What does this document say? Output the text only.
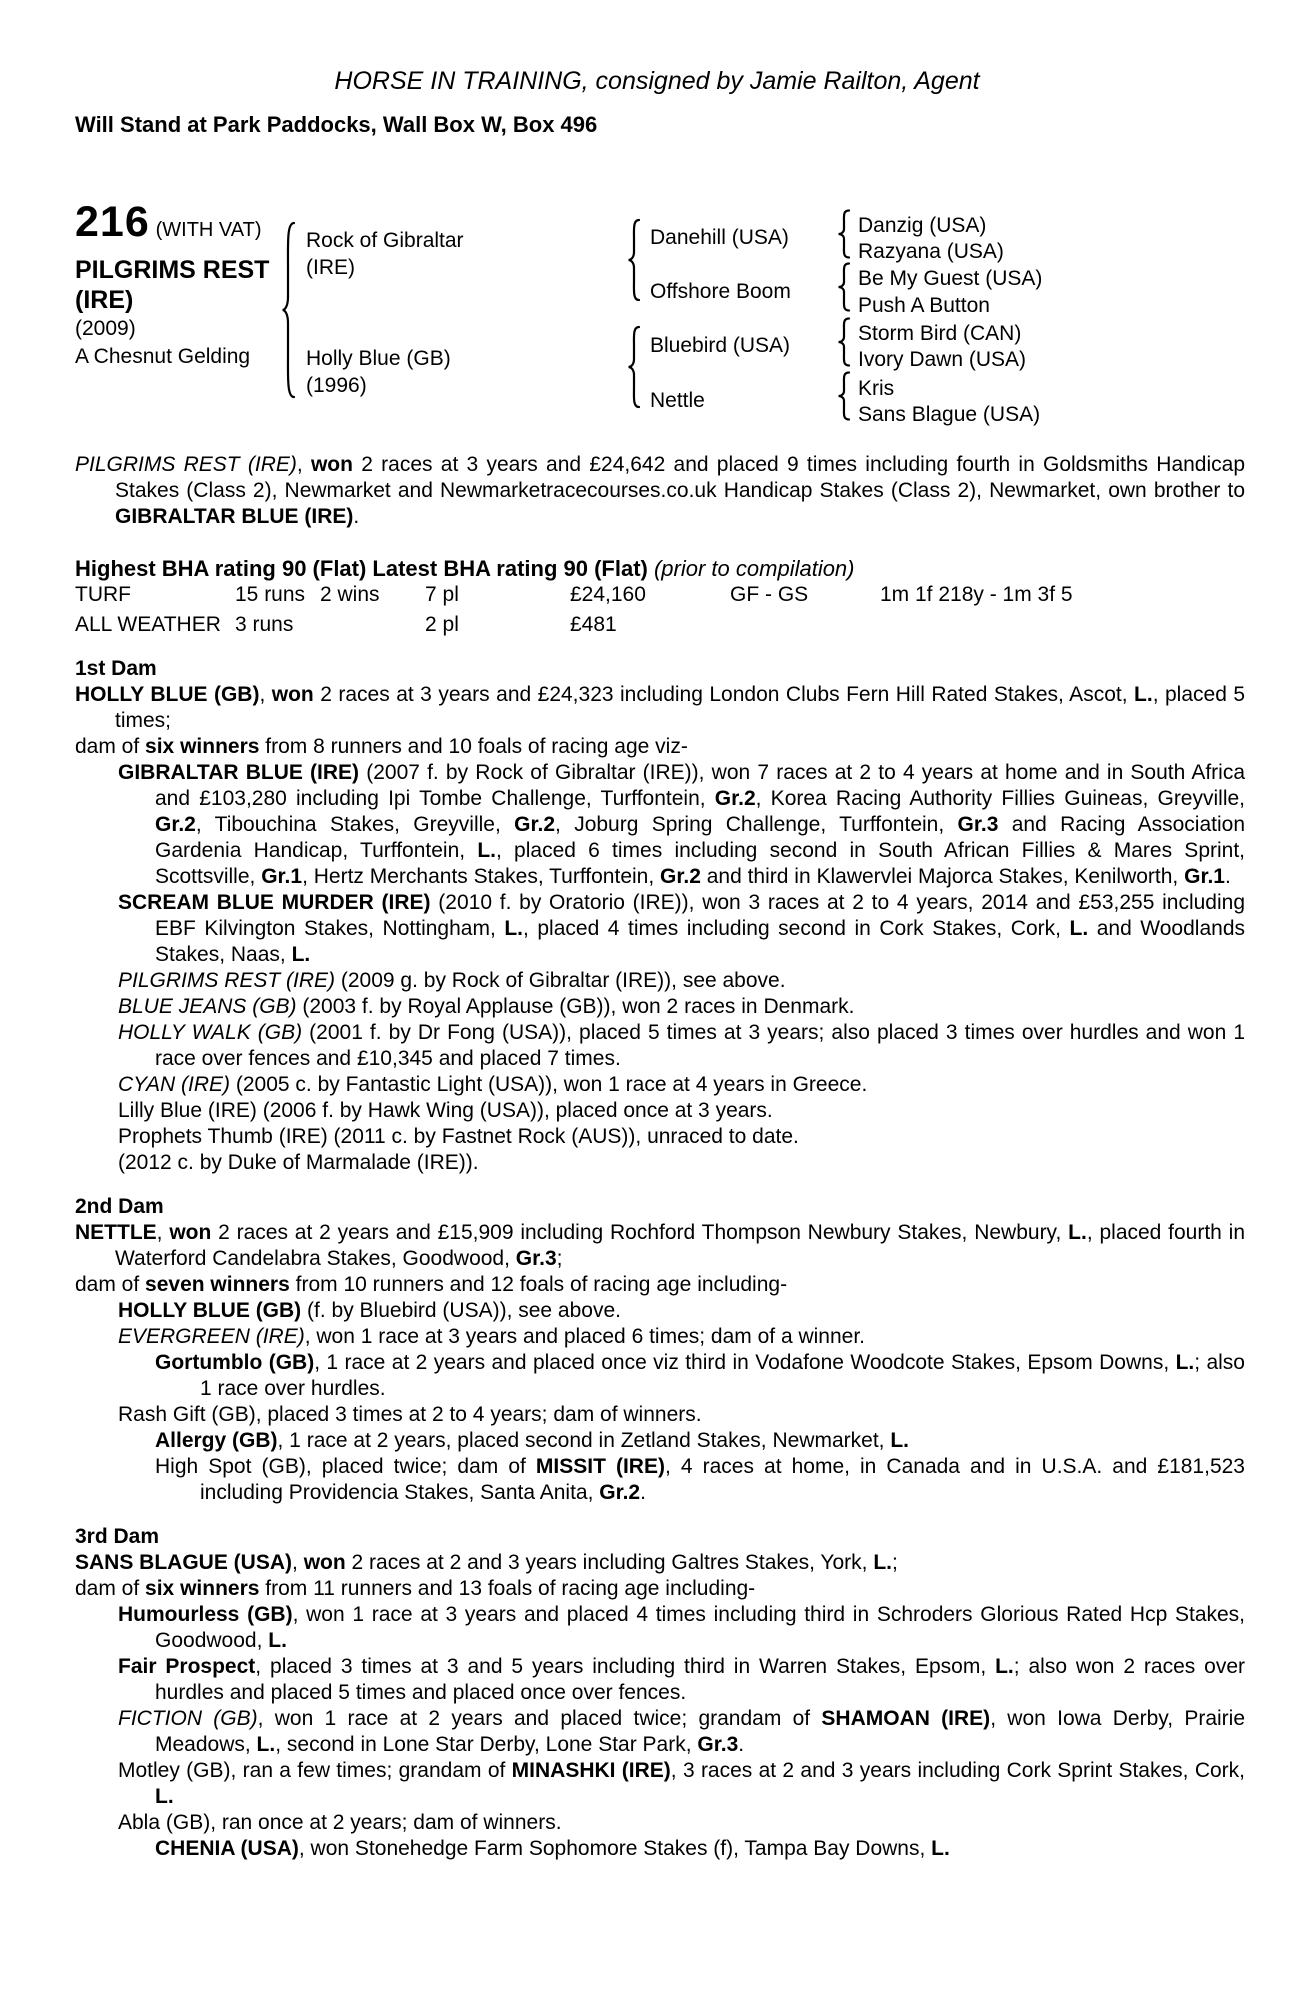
HORSE IN TRAINING, consigned by Jamie Railton, Agent
Will Stand at Park Paddocks, Wall Box W, Box 496
216 (WITH VAT)
PILGRIMS REST
(IRE)
(2009)
A Chesnut Gelding
Rock of Gibraltar
(IRE)
Holly Blue (GB)
(1996)
Danehill (USA)
Offshore Boom
Bluebird (USA)
Nettle
Danzig (USA)
Razyana (USA)
Be My Guest (USA)
Push A Button
Storm Bird (CAN)
Ivory Dawn (USA)
Kris
Sans Blague (USA)

PILGRIMS REST (IRE), won 2 races at 3 years and £24,642 and placed 9 times including fourth in Goldsmiths Handicap Stakes (Class 2), Newmarket and Newmarketracecourses.co.uk Handicap Stakes (Class 2), Newmarket, own brother to GIBRALTAR BLUE (IRE).

Highest BHA rating 90 (Flat) Latest BHA rating 90 (Flat) (prior to compilation)

TURF	15 runs 2 wins 7 pl	£24,160	GF - GS	1m 1f 218y - 1m 3f 5
ALL WEATHER 3 runs	2 pl	£481

1st Dam

HOLLY BLUE (GB), won 2 races at 3 years and £24,323 including London Clubs Fern Hill Rated Stakes, Ascot, L., placed 5 times;

dam of six winners from 8 runners and 10 foals of racing age viz-

GIBRALTAR BLUE (IRE) (2007 f. by Rock of Gibraltar (IRE)), won 7 races at 2 to 4 years at home and in South Africa and £103,280 including Ipi Tombe Challenge, Turffontein, Gr.2, Korea Racing Authority Fillies Guineas, Greyville, Gr.2, Tibouchina Stakes, Greyville, Gr.2, Joburg Spring Challenge, Turffontein, Gr.3 and Racing Association Gardenia Handicap, Turffontein, L., placed 6 times including second in South African Fillies & Mares Sprint, Scottsville, Gr.1, Hertz Merchants Stakes, Turffontein, Gr.2 and third in Klawervlei Majorca Stakes, Kenilworth, Gr.1.

SCREAM BLUE MURDER (IRE) (2010 f. by Oratorio (IRE)), won 3 races at 2 to 4 years, 2014 and £53,255 including EBF Kilvington Stakes, Nottingham, L., placed 4 times including second in Cork Stakes, Cork, L. and Woodlands Stakes, Naas, L.

PILGRIMS REST (IRE) (2009 g. by Rock of Gibraltar (IRE)), see above.

BLUE JEANS (GB) (2003 f. by Royal Applause (GB)), won 2 races in Denmark.

HOLLY WALK (GB) (2001 f. by Dr Fong (USA)), placed 5 times at 3 years; also placed 3 times over hurdles and won 1 race over fences and £10,345 and placed 7 times.

CYAN (IRE) (2005 c. by Fantastic Light (USA)), won 1 race at 4 years in Greece.

Lilly Blue (IRE) (2006 f. by Hawk Wing (USA)), placed once at 3 years.

Prophets Thumb (IRE) (2011 c. by Fastnet Rock (AUS)), unraced to date.

(2012 c. by Duke of Marmalade (IRE)).

2nd Dam

NETTLE, won 2 races at 2 years and £15,909 including Rochford Thompson Newbury Stakes, Newbury, L., placed fourth in Waterford Candelabra Stakes, Goodwood, Gr.3;

dam of seven winners from 10 runners and 12 foals of racing age including-

HOLLY BLUE (GB) (f. by Bluebird (USA)), see above.

EVERGREEN (IRE), won 1 race at 3 years and placed 6 times; dam of a winner.

Gortumblo (GB), 1 race at 2 years and placed once viz third in Vodafone Woodcote Stakes, Epsom Downs, L.; also 1 race over hurdles.

Rash Gift (GB), placed 3 times at 2 to 4 years; dam of winners.

Allergy (GB), 1 race at 2 years, placed second in Zetland Stakes, Newmarket, L.

High Spot (GB), placed twice; dam of MISSIT (IRE), 4 races at home, in Canada and in U.S.A. and £181,523 including Providencia Stakes, Santa Anita, Gr.2.

3rd Dam

SANS BLAGUE (USA), won 2 races at 2 and 3 years including Galtres Stakes, York, L.;

dam of six winners from 11 runners and 13 foals of racing age including-

Humourless (GB), won 1 race at 3 years and placed 4 times including third in Schroders Glorious Rated Hcp Stakes, Goodwood, L.

Fair Prospect, placed 3 times at 3 and 5 years including third in Warren Stakes, Epsom, L.; also won 2 races over hurdles and placed 5 times and placed once over fences.

FICTION (GB), won 1 race at 2 years and placed twice; grandam of SHAMOAN (IRE), won Iowa Derby, Prairie Meadows, L., second in Lone Star Derby, Lone Star Park, Gr.3.

Motley (GB), ran a few times; grandam of MINASHKI (IRE), 3 races at 2 and 3 years including Cork Sprint Stakes, Cork, L.

Abla (GB), ran once at 2 years; dam of winners.

CHENIA (USA), won Stonehedge Farm Sophomore Stakes (f), Tampa Bay Downs, L.
